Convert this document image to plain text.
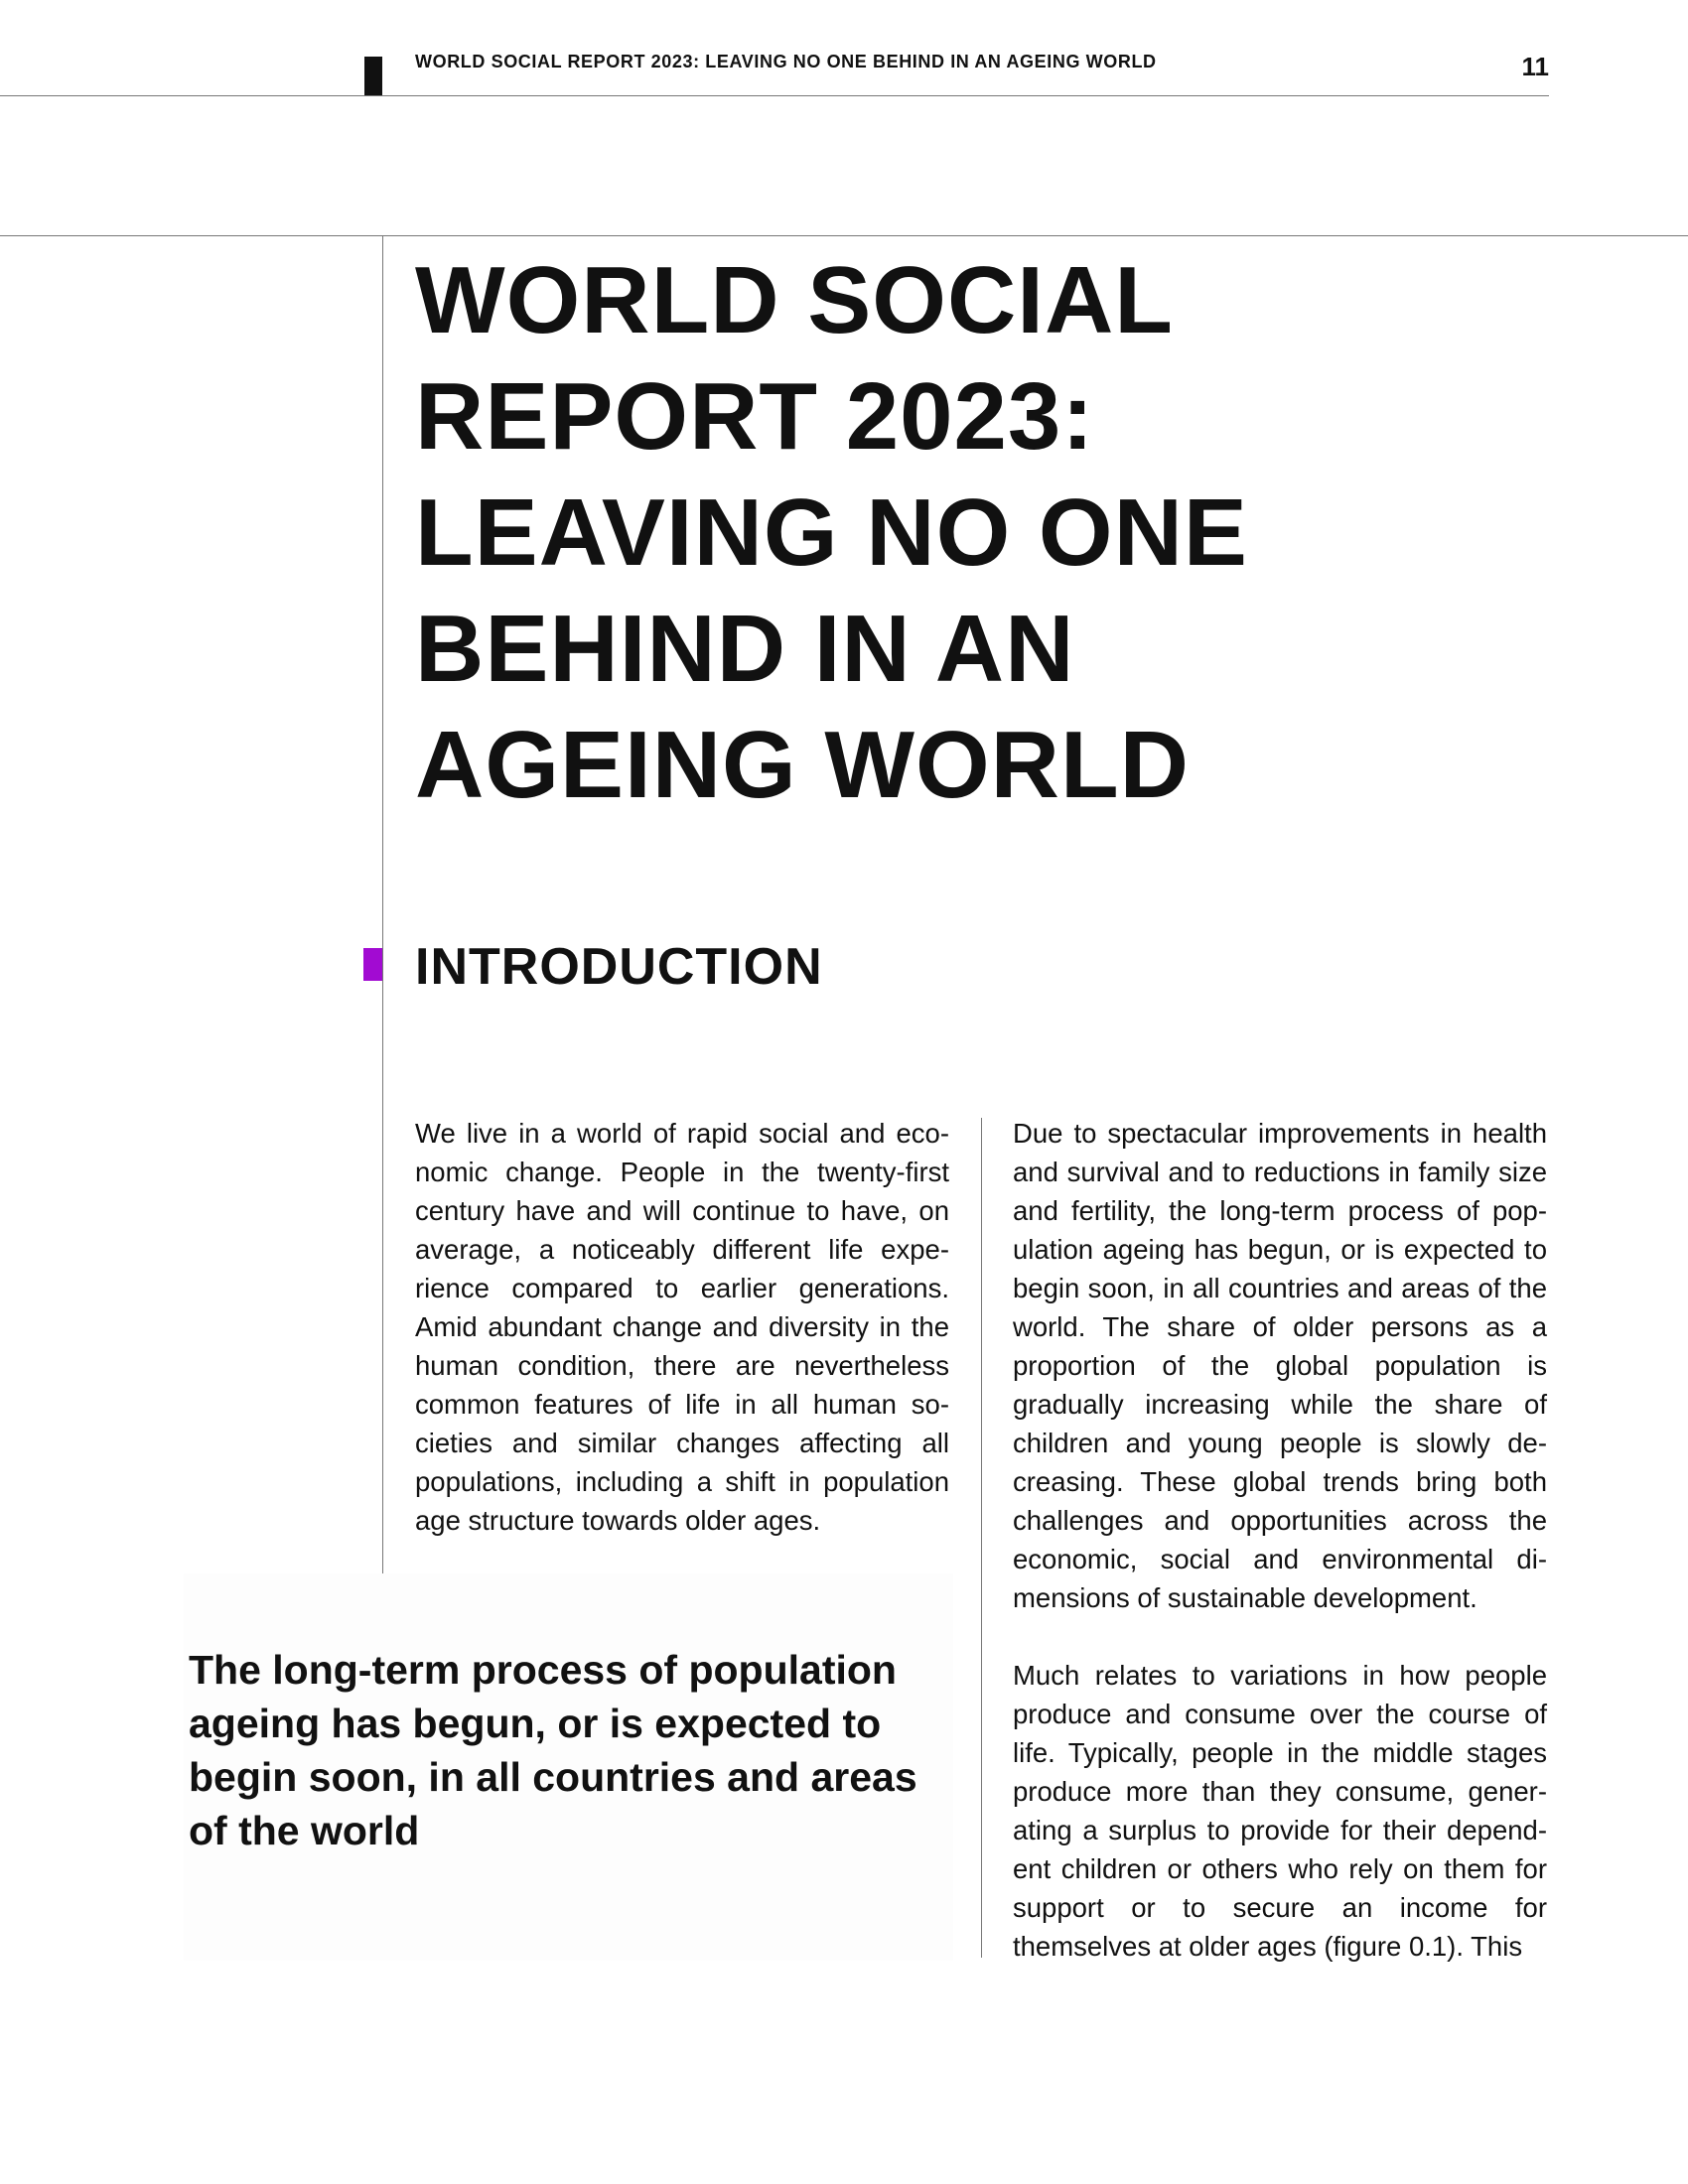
WORLD SOCIAL REPORT 2023: LEAVING NO ONE BEHIND IN AN AGEING WORLD	11
WORLD SOCIAL REPORT 2023: LEAVING NO ONE BEHIND IN AN AGEING WORLD
INTRODUCTION

We live in a world of rapid social and economic change. People in the twenty-first century have and will continue to have, on average, a noticeably different life experience compared to earlier generations. Amid abundant change and diversity in the human condition, there are nevertheless common features of life in all human societies and similar changes affecting all populations, including a shift in population age structure towards older ages.

Due to spectacular improvements in health and survival and to reductions in family size and fertility, the long-term process of population ageing has begun, or is expected to begin soon, in all countries and areas of the world. The share of older persons as a proportion of the global population is gradually increasing while the share of children and young people is slowly decreasing. These global trends bring both challenges and opportunities across the economic, social and environmental dimensions of sustainable development.

Much relates to variations in how people produce and consume over the course of life. Typically, people in the middle stages produce more than they consume, generating a surplus to provide for their dependent children or others who rely on them for support or to secure an income for themselves at older ages (figure 0.1). This

The long-term process of population ageing has begun, or is expected to begin soon, in all countries and areas of the world
